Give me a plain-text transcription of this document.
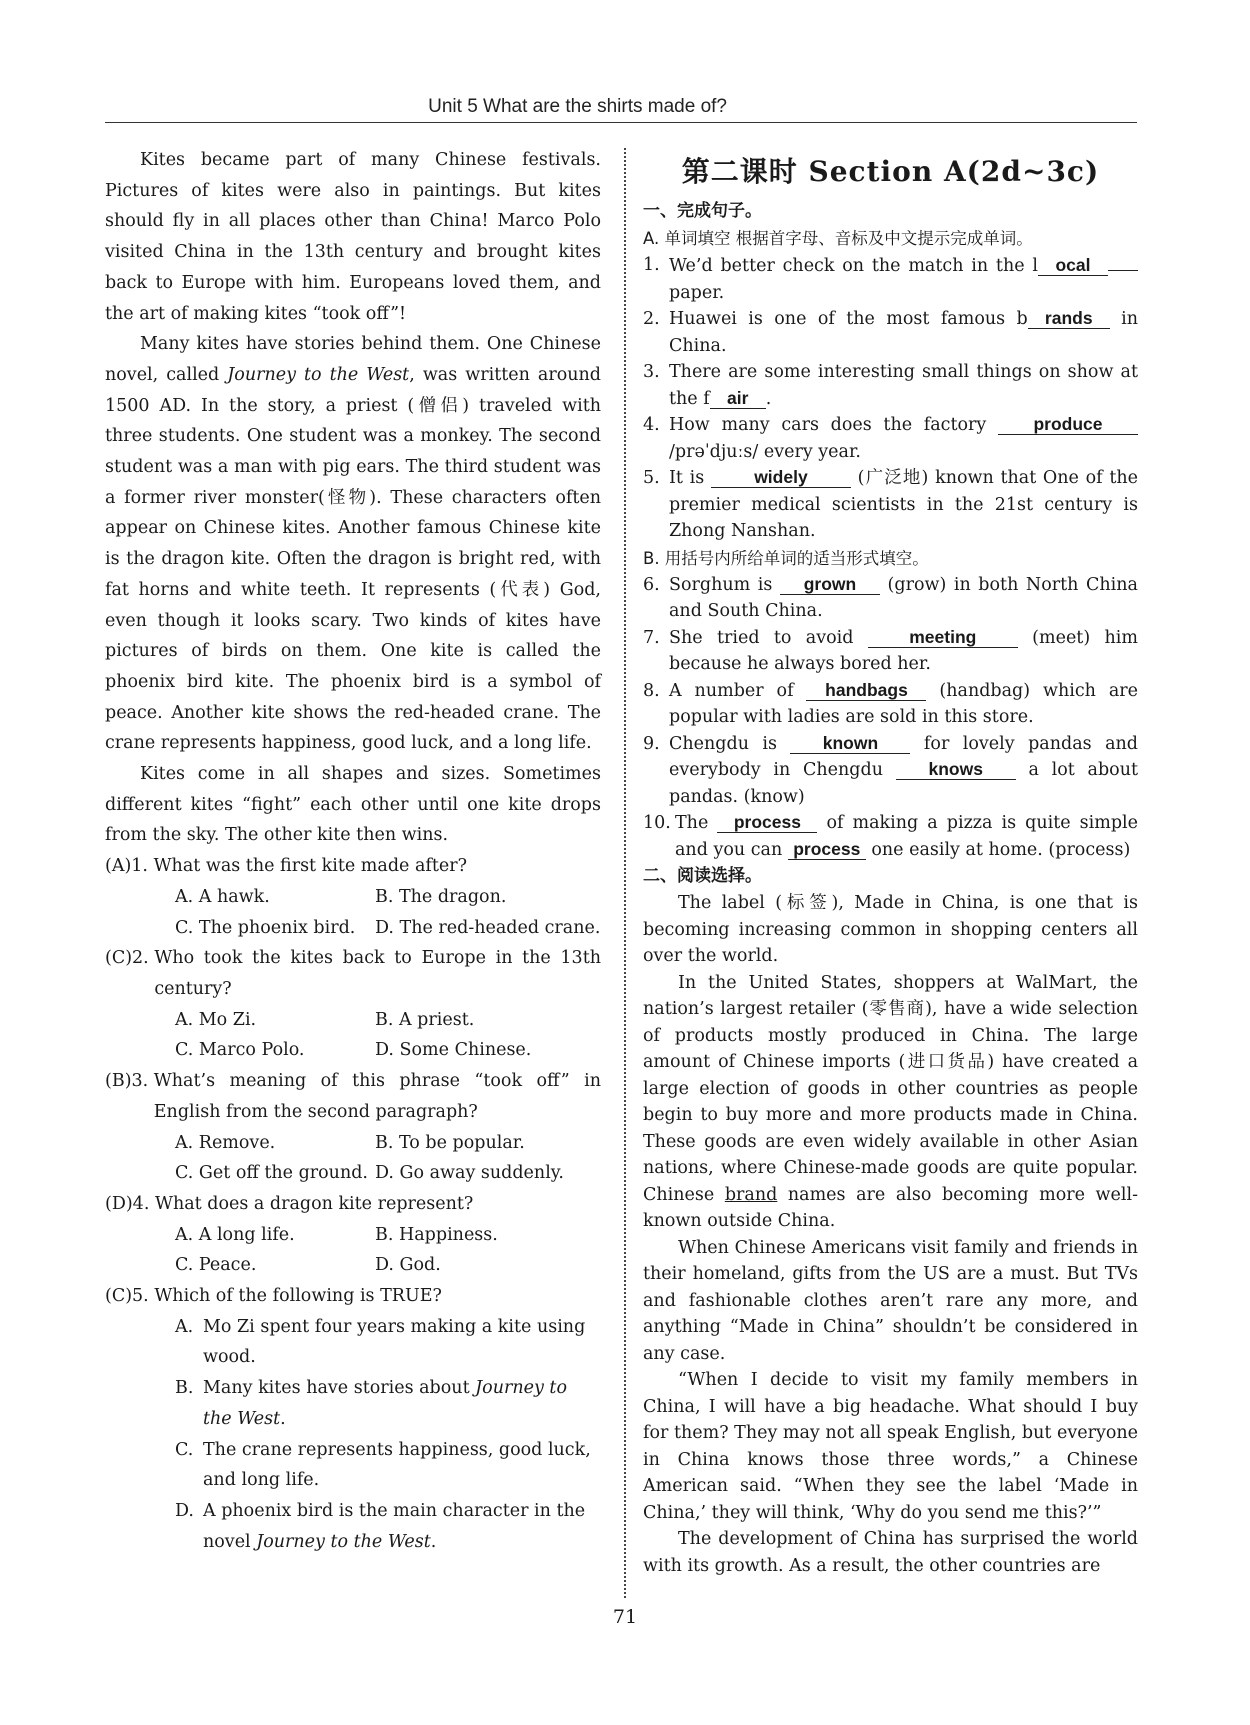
Unit 5 What are the shirts made of?

Kites became part of many Chinese festivals. Pictures of kites were also in paintings. But kites should fly in all places other than China! Marco Polo visited China in the 13th century and brought kites back to Europe with him. Europeans loved them, and the art of making kites “took off”!

Many kites have stories behind them. One Chinese novel, called Journey to the West, was written around 1500 AD. In the story, a priest (僧侣) traveled with three students. One student was a monkey. The second student was a man with pig ears. The third student was a former river monster(怪物). These characters often appear on Chinese kites. Another famous Chinese kite is the dragon kite. Often the dragon is bright red, with fat horns and white teeth. It represents (代表) God, even though it looks scary. Two kinds of kites have pictures of birds on them. One kite is called the phoenix bird kite. The phoenix bird is a symbol of peace. Another kite shows the red-headed crane. The crane represents happiness, good luck, and a long life.

Kites come in all shapes and sizes. Sometimes different kites “fight” each other until one kite drops from the sky. The other kite then wins.

(A)1. What was the first kite made after?
A. A hawk.	B. The dragon.
C. The phoenix bird.	D. The red-headed crane.
(C)2. Who took the kites back to Europe in the 13th century?
A. Mo Zi.	B. A priest.
C. Marco Polo.	D. Some Chinese.
(B)3. What’s meaning of this phrase “took off” in English from the second paragraph?
A. Remove.	B. To be popular.
C. Get off the ground. D. Go away suddenly.
(D)4. What does a dragon kite represent?
A. A long life.	B. Happiness.
C. Peace.	D. God.
(C)5. Which of the following is TRUE?
A. Mo Zi spent four years making a kite using wood.
B. Many kites have stories about Journey to the West.
C. The crane represents happiness, good luck, and long life.
D. A phoenix bird is the main character in the novel Journey to the West.
第二课时 Section A(2d~3c)
一、完成句子。
A. 单词填空 根据首字母、音标及中文提示完成单词。
1. We’d better check on the match in the l ocal paper.
2. Huawei is one of the most famous b rands in China.
3. There are some interesting small things on show at the f air .
4. How many cars does the factory produce /prəˈdjuːs/ every year.
5. It is widely (广泛地) known that One of the premier medical scientists in the 21st century is Zhong Nanshan.
B. 用括号内所给单词的适当形式填空。
6. Sorghum is grown (grow) in both North China and South China.
7. She tried to avoid meeting (meet) him because he always bored her.
8. A number of handbags (handbag) which are popular with ladies are sold in this store.
9. Chengdu is known for lovely pandas and everybody in Chengdu knows a lot about pandas. (know)
10. The process of making a pizza is quite simple and you can process one easily at home. (process)
二、阅读选择。

The label (标签), Made in China, is one that is becoming increasing common in shopping centers all over the world.

In the United States, shoppers at WalMart, the nation’s largest retailer (零售商), have a wide selection of products mostly produced in China. The large amount of Chinese imports (进口货品) have created a large election of goods in other countries as people begin to buy more and more products made in China. These goods are even widely available in other Asian nations, where Chinese-made goods are quite popular. Chinese brand names are also becoming more well-known outside China.

When Chinese Americans visit family and friends in their homeland, gifts from the US are a must. But TVs and fashionable clothes aren’t rare any more, and anything “Made in China” shouldn’t be considered in any case.

“When I decide to visit my family members in China, I will have a big headache. What should I buy for them? They may not all speak English, but everyone in China knows those three words,” a Chinese American said. “When they see the label ‘Made in China,’ they will think, ‘Why do you send me this?’”

The development of China has surprised the world with its growth. As a result, the other countries are

71
